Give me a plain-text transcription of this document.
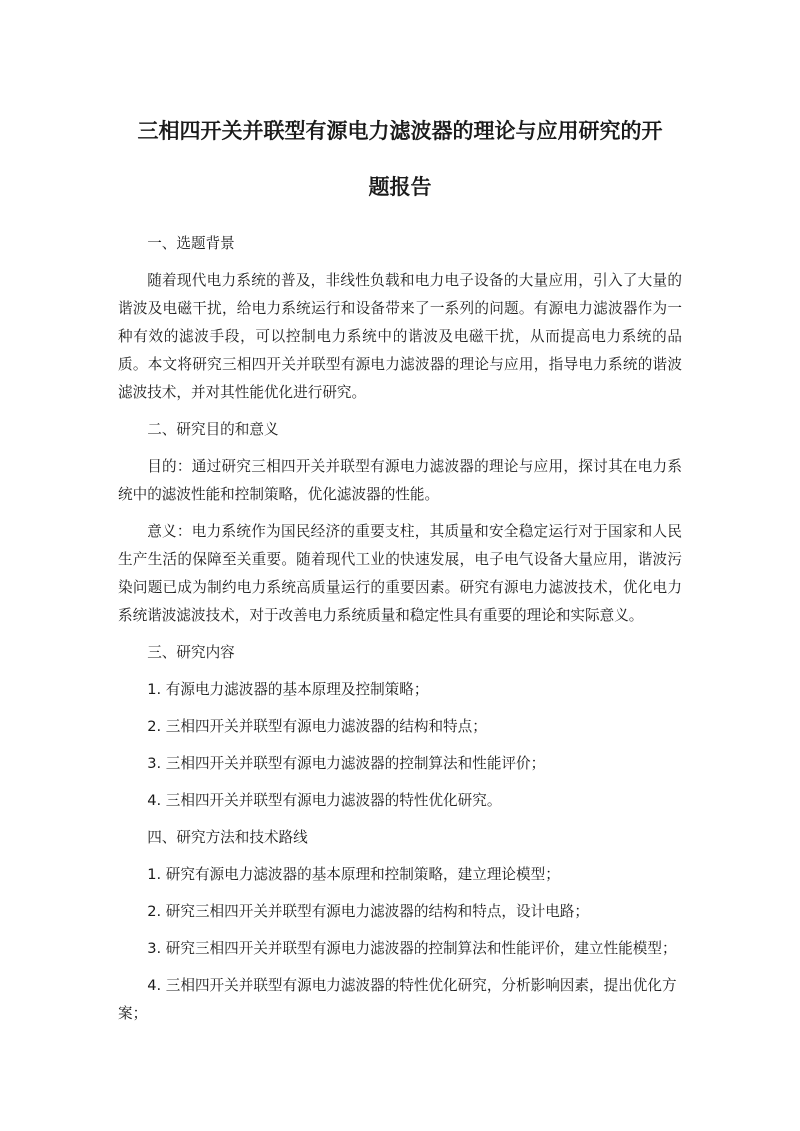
三相四开关并联型有源电力滤波器的理论与应用研究的开
题报告

一、选题背景

随着现代电力系统的普及，非线性负载和电力电子设备的大量应用，引入了大量的谐波及电磁干扰，给电力系统运行和设备带来了一系列的问题。有源电力滤波器作为一种有效的滤波手段，可以控制电力系统中的谐波及电磁干扰，从而提高电力系统的品质。本文将研究三相四开关并联型有源电力滤波器的理论与应用，指导电力系统的谐波滤波技术，并对其性能优化进行研究。

二、研究目的和意义

目的：通过研究三相四开关并联型有源电力滤波器的理论与应用，探讨其在电力系统中的滤波性能和控制策略，优化滤波器的性能。

意义：电力系统作为国民经济的重要支柱，其质量和安全稳定运行对于国家和人民生产生活的保障至关重要。随着现代工业的快速发展，电子电气设备大量应用，谐波污染问题已成为制约电力系统高质量运行的重要因素。研究有源电力滤波技术，优化电力系统谐波滤波技术，对于改善电力系统质量和稳定性具有重要的理论和实际意义。

三、研究内容

1. 有源电力滤波器的基本原理及控制策略；

2. 三相四开关并联型有源电力滤波器的结构和特点；

3. 三相四开关并联型有源电力滤波器的控制算法和性能评价；

4. 三相四开关并联型有源电力滤波器的特性优化研究。

四、研究方法和技术路线

1. 研究有源电力滤波器的基本原理和控制策略，建立理论模型；

2. 研究三相四开关并联型有源电力滤波器的结构和特点，设计电路；

3. 研究三相四开关并联型有源电力滤波器的控制算法和性能评价，建立性能模型；

4. 三相四开关并联型有源电力滤波器的特性优化研究，分析影响因素，提出优化方案；
